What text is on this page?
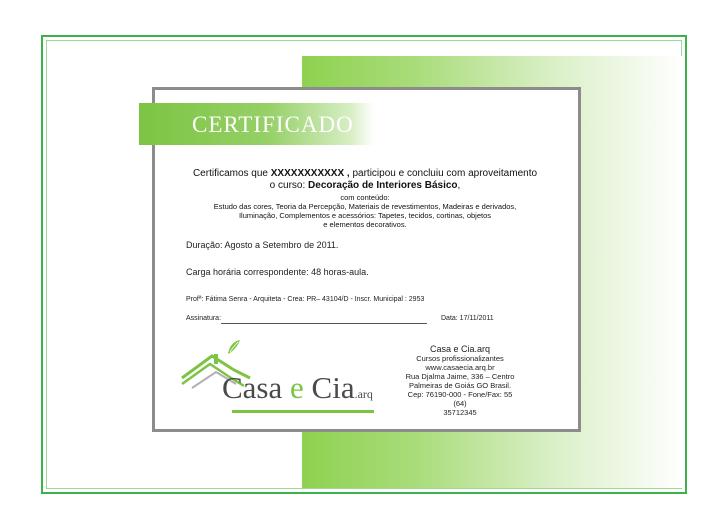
CERTIFICADO
Certificamos que XXXXXXXXXXX , participou e concluiu com aproveitamento
o curso: Decoração de Interiores Básico,
com conteúdo:
Estudo das cores, Teoria da Percepção, Materiais de revestimentos, Madeiras e derivados,
Iluminação, Complementos e acessórios: Tapetes, tecidos, cortinas, objetos
e elementos decorativos.
Duração: Agosto a Setembro de 2011.
Carga horária correspondente: 48 horas-aula.
Profª: Fátima Senra - Arquiteta - Crea: PR– 43104/D - Inscr. Municipal : 2953
Assinatura:	Data: 17/11/2011
Casa e Cia.arq
Casa e Cia.arq
Cursos profissionalizantes
www.casaecia.arq.br
Rua Djalma Jaime, 336 – Centro
Palmeiras de Goiás GO Brasil.
Cep: 76190-000 - Fone/Fax: 55 (64)
35712345
